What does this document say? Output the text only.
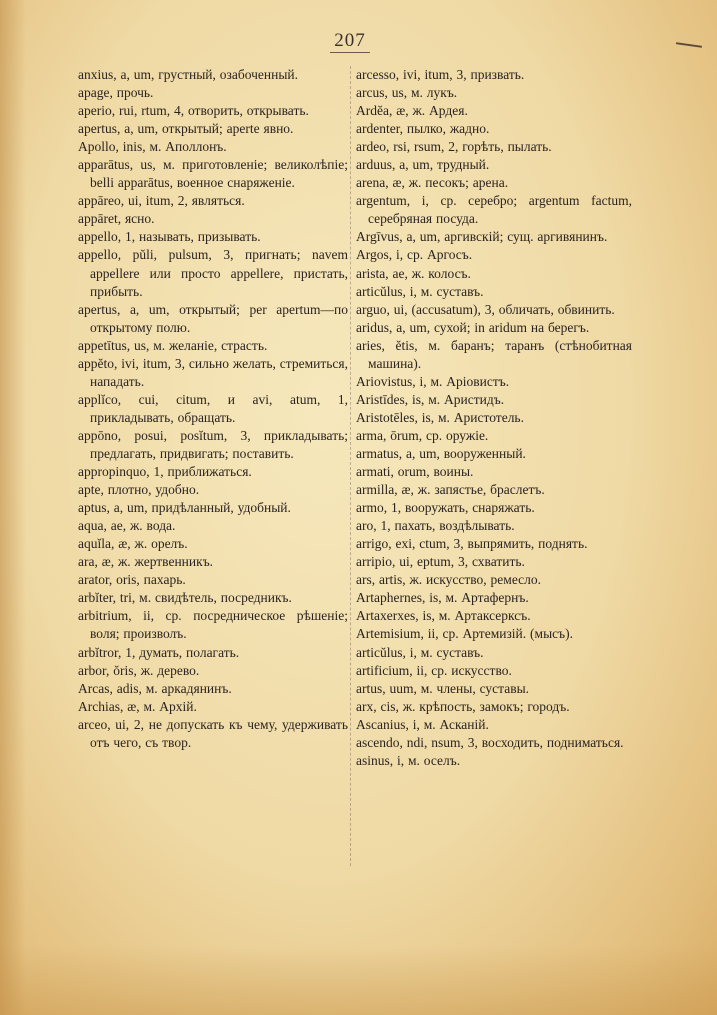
207
anxius, a, um, грустный, озабоченный.
apage, прочь.
aperio, rui, rtum, 4, отворить, открывать.
apertus, a, um, открытый; aperte явно.
Apollo, inis, м. Аполлонъ.
apparātus, us, м. приготовленіе; великолѣпіе; belli apparātus, военное снаряженіе.
appāreo, ui, itum, 2, являться.
appāret, ясно.
appello, 1, называть, призывать.
appello, pŭli, pulsum, 3, пригнать; navem appellere или просто appellere, пристать, прибыть.
apertus, a, um, открытый; per apertum—по открытому полю.
appetītus, us, м. желаніе, страсть.
appĕto, ivi, itum, 3, сильно желать, стремиться, нападать.
applĭco, cui, citum, и avi, atum, 1, прикладывать, обращать.
appōno, posui, posĭtum, 3, прикладывать; предлагать, придвигать; поставить.
appropinquo, 1, приближаться.
apte, плотно, удобно.
aptus, a, um, придѣланный, удобный.
aqua, ae, ж. вода.
aquĭla, æ, ж. орелъ.
ara, æ, ж. жертвенникъ.
arator, oris, пахарь.
arbĭter, tri, м. свидѣтель, посредникъ.
arbitrium, ii, ср. посредническое рѣшеніе; воля; произволъ.
arbĭtror, 1, думать, полагать.
arbor, ŏris, ж. дерево.
Arcas, adis, м. аркадянинъ.
Archias, æ, м. Архій.
arceo, ui, 2, не допускать къ чему, удерживать отъ чего, съ твор.
arcesso, ivi, itum, 3, призвать.
arcus, us, м. лукъ.
Ardĕa, æ, ж. Ардея.
ardenter, пылко, жадно.
ardeo, rsi, rsum, 2, горѣть, пылать.
arduus, a, um, трудный.
arena, æ, ж. песокъ; арена.
argentum, i, ср. серебро; argentum factum, серебряная посуда.
Argīvus, a, um, аргивскій; сущ. аргивянинъ.
Argos, i, ср. Аргосъ.
arista, ae, ж. колосъ.
articŭlus, i, м. суставъ.
arguo, ui, (accusatum), 3, обличать, обвинить.
aridus, a, um, сухой; in aridum на берегъ.
aries, ĕtis, м. баранъ; таранъ (стѣнобитная машина).
Ariovistus, i, м. Аріовистъ.
Aristīdes, is, м. Аристидъ.
Aristotēles, is, м. Аристотель.
arma, ōrum, ср. оружіе.
armatus, a, um, вооруженный.
armati, orum, воины.
armilla, æ, ж. запястье, браслетъ.
armo, 1, вооружать, снаряжать.
aro, 1, пахать, воздѣлывать.
arrigo, exi, ctum, 3, выпрямить, поднять.
arripio, ui, eptum, 3, схватить.
ars, artis, ж. искусство, ремесло.
Artaphernes, is, м. Артафернъ.
Artaxerxes, is, м. Артаксерксъ.
Artemisium, ii, ср. Артемизій. (мысъ).
articŭlus, i, м. суставъ.
artificium, ii, ср. искусство.
artus, uum, м. члены, суставы.
arx, cis, ж. крѣпость, замокъ; городъ.
Ascanius, i, м. Асканій.
ascendo, ndi, nsum, 3, восходить, подниматься.
asinus, i, м. оселъ.
